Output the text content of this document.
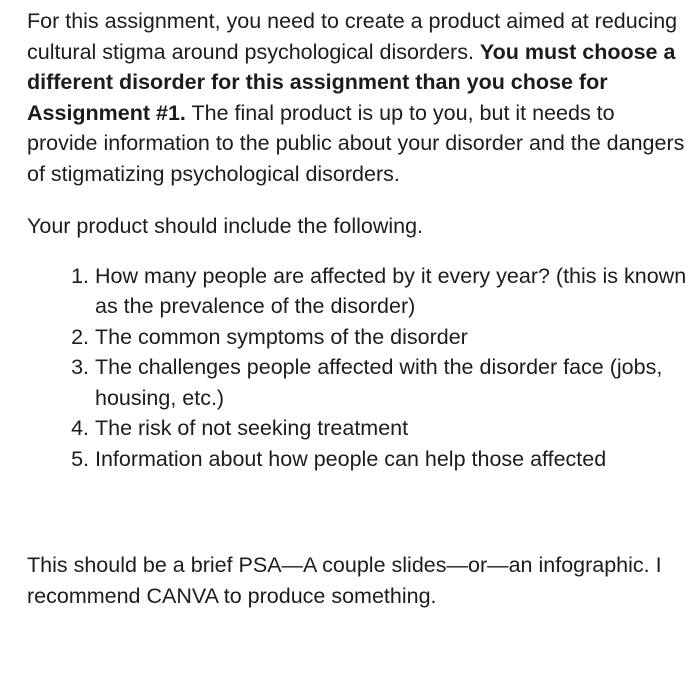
For this assignment, you need to create a product aimed at reducing cultural stigma around psychological disorders. You must choose a different disorder for this assignment than you chose for Assignment #1. The final product is up to you, but it needs to provide information to the public about your disorder and the dangers of stigmatizing psychological disorders.

Your product should include the following.

1. How many people are affected by it every year? (this is known as the prevalence of the disorder)
2. The common symptoms of the disorder
3. The challenges people affected with the disorder face (jobs, housing, etc.)
4. The risk of not seeking treatment
5. Information about how people can help those affected

This should be a brief PSA—A couple slides—or—an infographic. I recommend CANVA to produce something.
